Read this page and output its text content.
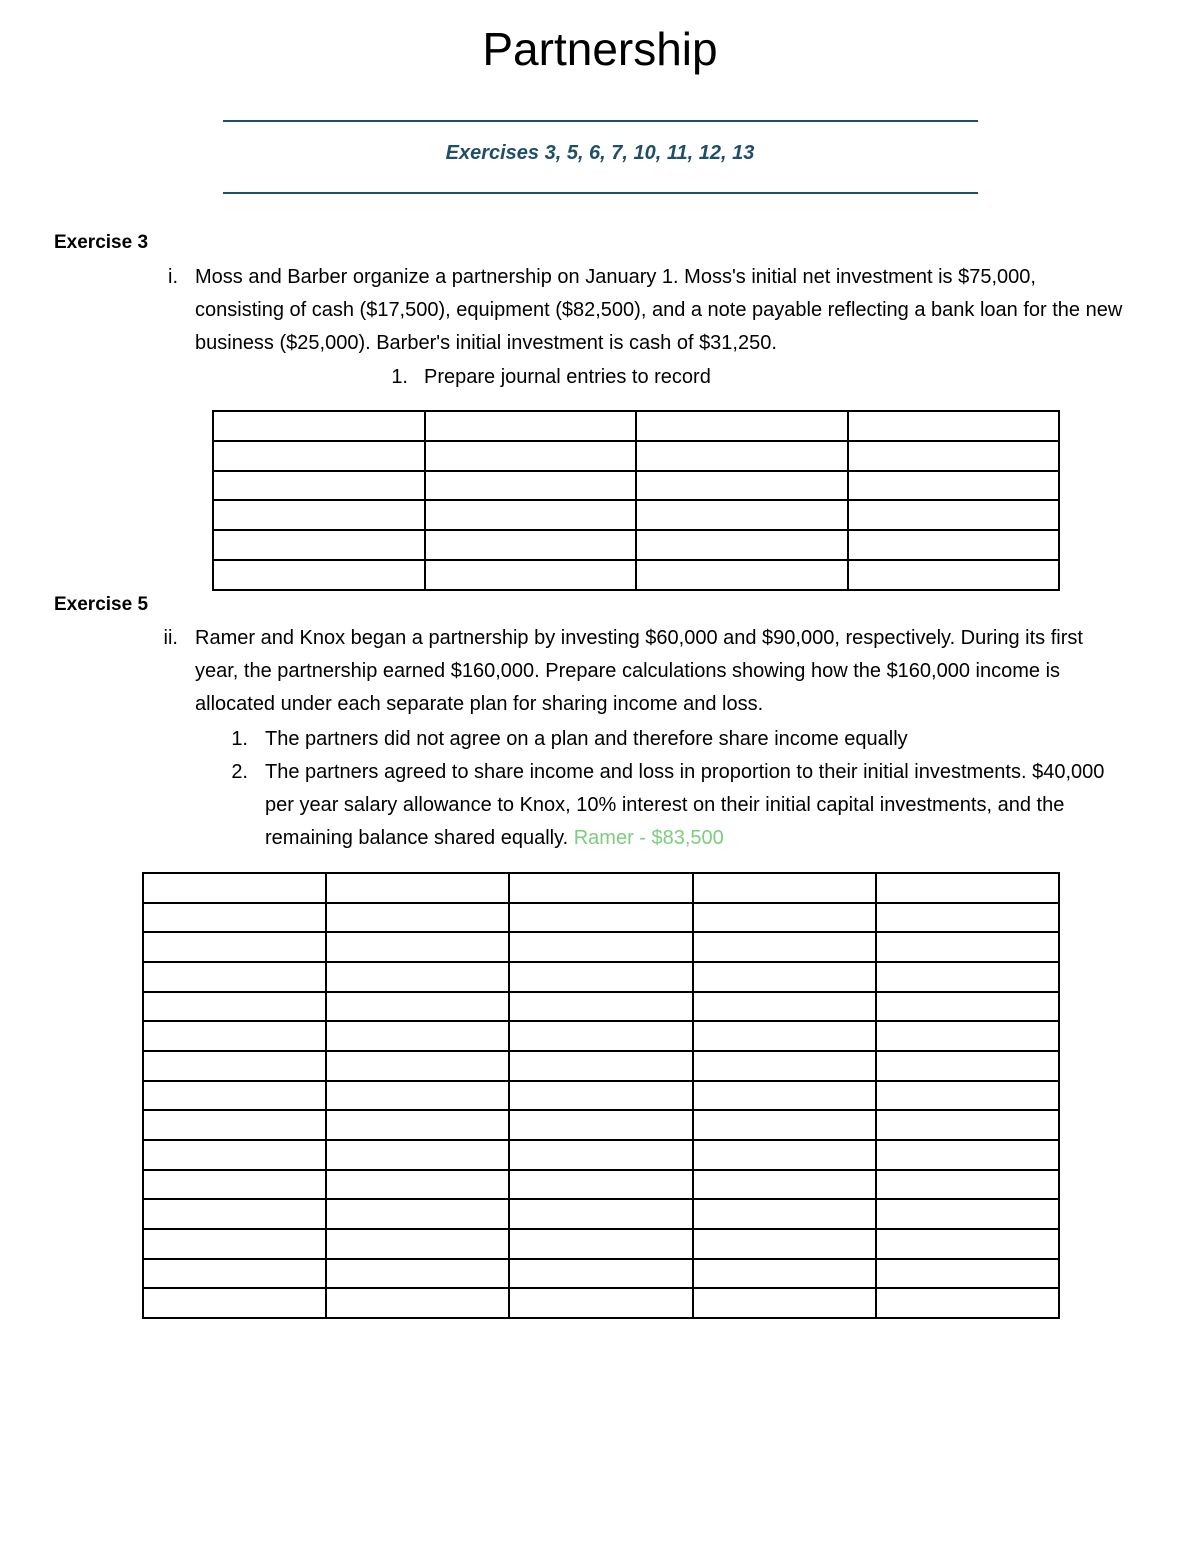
Partnership
Exercises 3, 5, 6, 7, 10, 11, 12, 13
Exercise 3
i. Moss and Barber organize a partnership on January 1. Moss's initial net investment is $75,000, consisting of cash ($17,500), equipment ($82,500), and a note payable reflecting a bank loan for the new business ($25,000). Barber's initial investment is cash of $31,250.

1. Prepare journal entries to record

Exercise 5
ii. Ramer and Knox began a partnership by investing $60,000 and $90,000, respectively. During its first year, the partnership earned $160,000. Prepare calculations showing how the $160,000 income is allocated under each separate plan for sharing income and loss.

1. The partners did not agree on a plan and therefore share income equally

2. The partners agreed to share income and loss in proportion to their initial investments. $40,000 per year salary allowance to Knox, 10% interest on their initial capital investments, and the remaining balance shared equally. Ramer - $83,500
